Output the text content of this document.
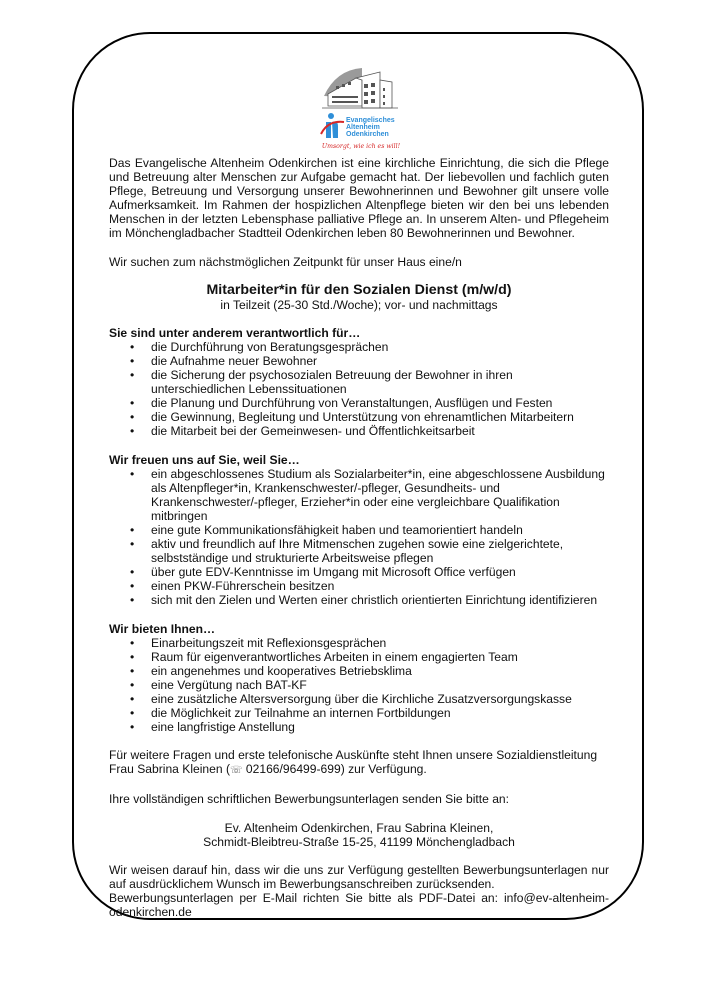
Evangelisches
Altenheim
Odenkirchen
Umsorgt, wie ich es will!

Das Evangelische Altenheim Odenkirchen ist eine kirchliche Einrichtung, die sich die Pflege und Betreuung alter Menschen zur Aufgabe gemacht hat. Der liebevollen und fachlich guten Pflege, Betreuung und Versorgung unserer Bewohnerinnen und Bewohner gilt unsere volle Aufmerksamkeit. Im Rahmen der hospizlichen Altenpflege bieten wir den bei uns lebenden Menschen in der letzten Lebensphase palliative Pflege an. In unserem Alten- und Pflegeheim im Mönchengladbacher Stadtteil Odenkirchen leben 80 Bewohnerinnen und Bewohner.

Wir suchen zum nächstmöglichen Zeitpunkt für unser Haus eine/n

Mitarbeiter*in für den Sozialen Dienst (m/w/d)

in Teilzeit (25-30 Std./Woche); vor- und nachmittags

Sie sind unter anderem verantwortlich für…

• die Durchführung von Beratungsgesprächen
• die Aufnahme neuer Bewohner
• die Sicherung der psychosozialen Betreuung der Bewohner in ihren unterschiedlichen Lebenssituationen
• die Planung und Durchführung von Veranstaltungen, Ausflügen und Festen
• die Gewinnung, Begleitung und Unterstützung von ehrenamtlichen Mitarbeitern
• die Mitarbeit bei der Gemeinwesen- und Öffentlichkeitsarbeit

Wir freuen uns auf Sie, weil Sie…

• ein abgeschlossenes Studium als Sozialarbeiter*in, eine abgeschlossene Ausbildung als Altenpfleger*in, Krankenschwester/-pfleger, Gesundheits- und Krankenschwester/-pfleger, Erzieher*in oder eine vergleichbare Qualifikation mitbringen
• eine gute Kommunikationsfähigkeit haben und teamorientiert handeln
• aktiv und freundlich auf Ihre Mitmenschen zugehen sowie eine zielgerichtete, selbstständige und strukturierte Arbeitsweise pflegen
• über gute EDV-Kenntnisse im Umgang mit Microsoft Office verfügen
• einen PKW-Führerschein besitzen
• sich mit den Zielen und Werten einer christlich orientierten Einrichtung identifizieren

Wir bieten Ihnen…

• Einarbeitungszeit mit Reflexionsgesprächen
• Raum für eigenverantwortliches Arbeiten in einem engagierten Team
• ein angenehmes und kooperatives Betriebsklima
• eine Vergütung nach BAT-KF
• eine zusätzliche Altersversorgung über die Kirchliche Zusatzversorgungskasse
• die Möglichkeit zur Teilnahme an internen Fortbildungen
• eine langfristige Anstellung

Für weitere Fragen und erste telefonische Auskünfte steht Ihnen unsere Sozialdienstleitung

Frau Sabrina Kleinen (☏ 02166/96499-699) zur Verfügung.

Ihre vollständigen schriftlichen Bewerbungsunterlagen senden Sie bitte an:

Ev. Altenheim Odenkirchen, Frau Sabrina Kleinen,

Schmidt-Bleibtreu-Straße 15-25, 41199 Mönchengladbach

Wir weisen darauf hin, dass wir die uns zur Verfügung gestellten Bewerbungsunterlagen nur auf ausdrücklichem Wunsch im Bewerbungsanschreiben zurücksenden.

Bewerbungsunterlagen per E-Mail richten Sie bitte als PDF-Datei an: info@ev-altenheim-odenkirchen.de
